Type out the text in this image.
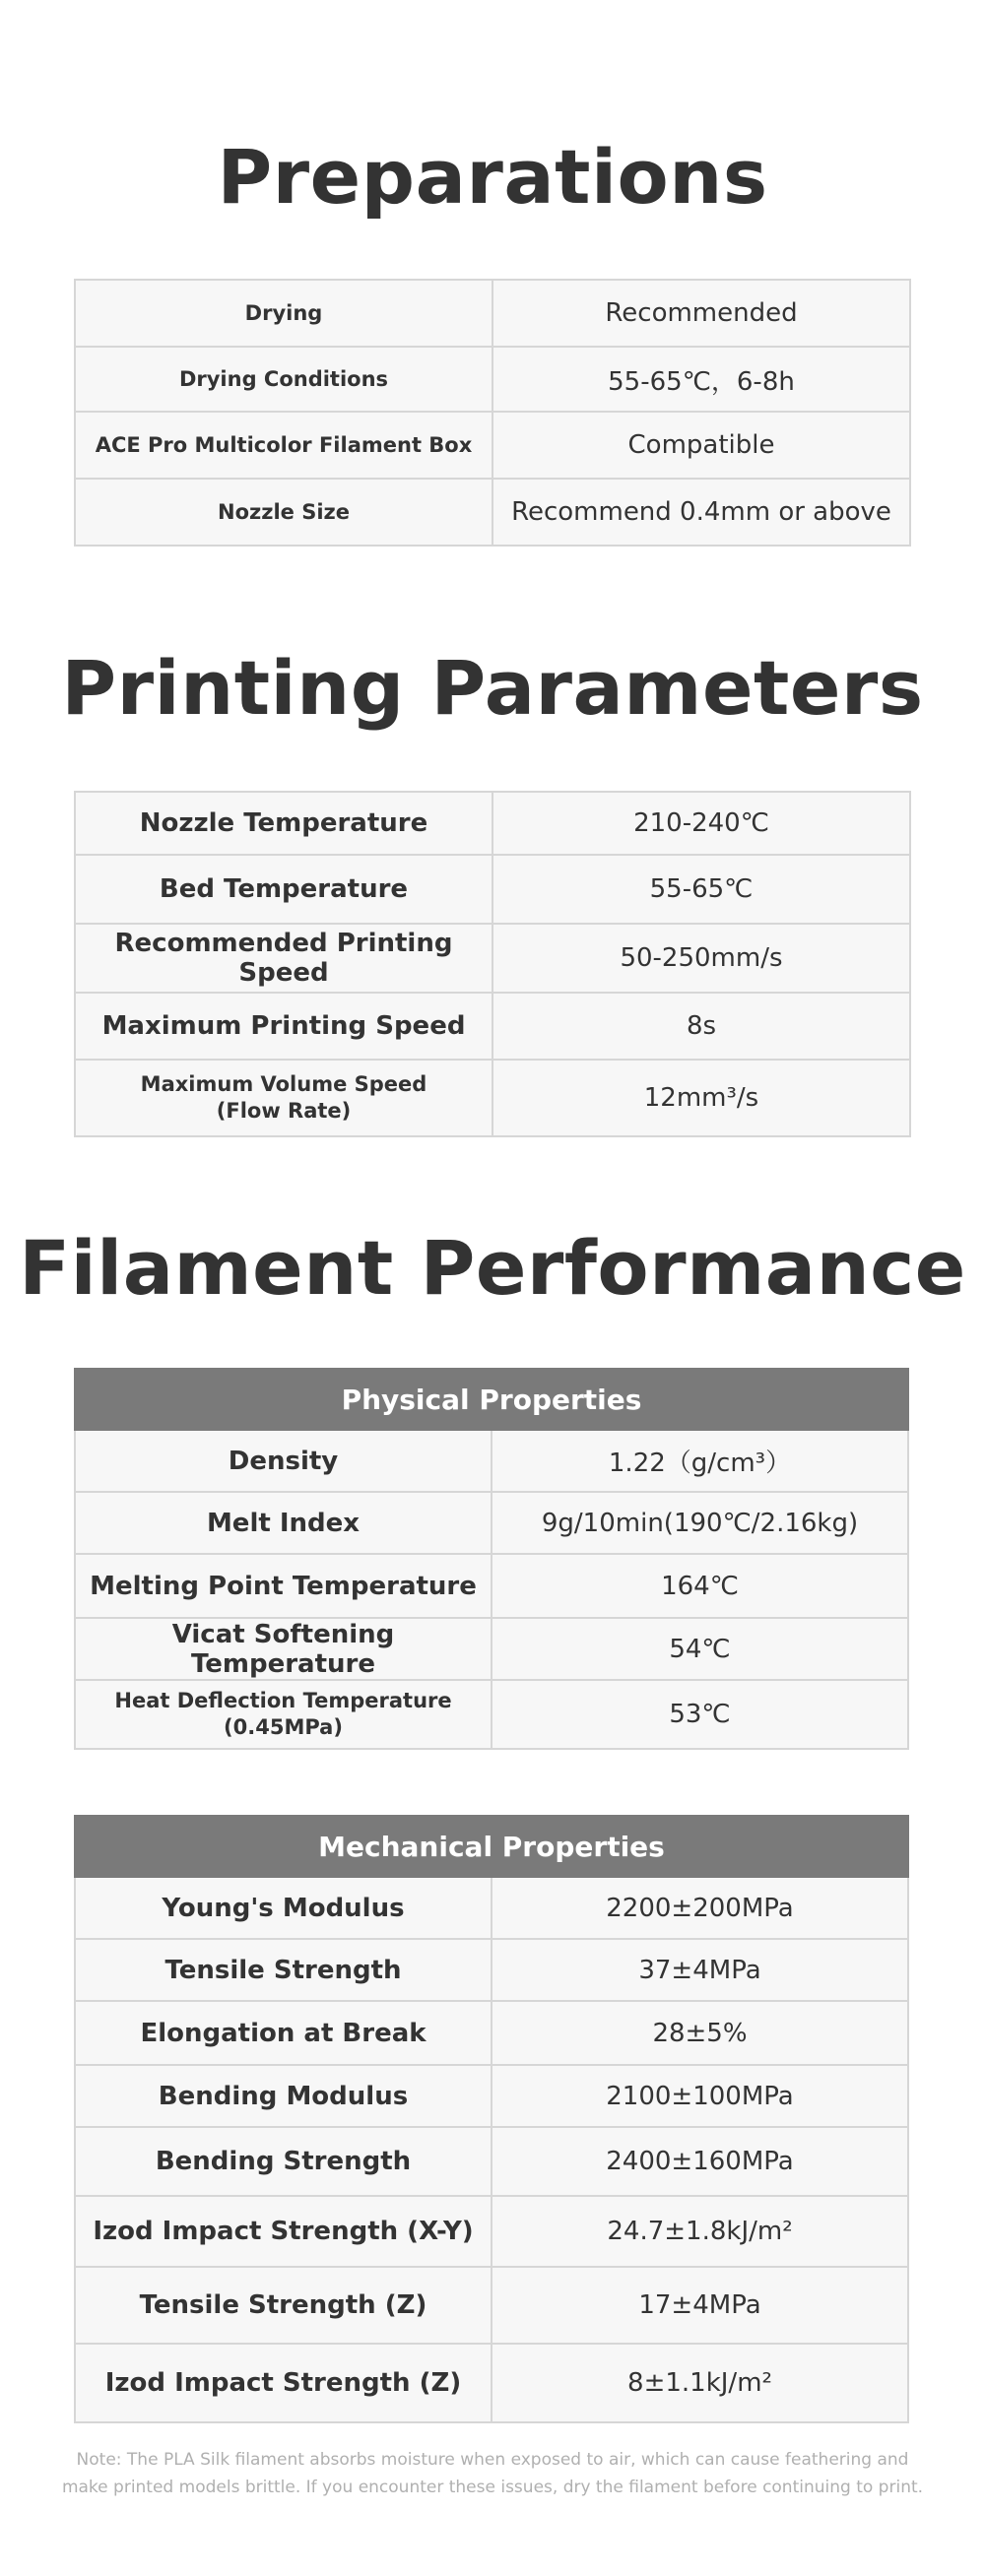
Preparations
Drying	Recommended
Drying Conditions	55-65℃，6-8h
ACE Pro Multicolor Filament Box	Compatible
Nozzle Size	Recommend 0.4mm or above
Printing Parameters
Nozzle Temperature	210-240℃
Bed Temperature	55-65℃
Recommended Printing Speed	50-250mm/s
Maximum Printing Speed	8s
Maximum Volume Speed
(Flow Rate)	12mm³/s
Filament Performance
Physical Properties	
Density	1.22（g/cm³）
Melt Index	9g/10min(190℃/2.16kg)
Melting Point Temperature	164℃
Vicat Softening Temperature	54℃
Heat Deflection Temperature
(0.45MPa)	53℃
Mechanical Properties	
Young's Modulus	2200±200MPa
Tensile Strength	37±4MPa
Elongation at Break	28±5%
Bending Modulus	2100±100MPa
Bending Strength	2400±160MPa
Izod Impact Strength (X-Y)	24.7±1.8kJ/m²
Tensile Strength (Z)	17±4MPa
Izod Impact Strength (Z)	8±1.1kJ/m²
Note: The PLA Silk filament absorbs moisture when exposed to air, which can cause feathering and
make printed models brittle. If you encounter these issues, dry the filament before continuing to print.
